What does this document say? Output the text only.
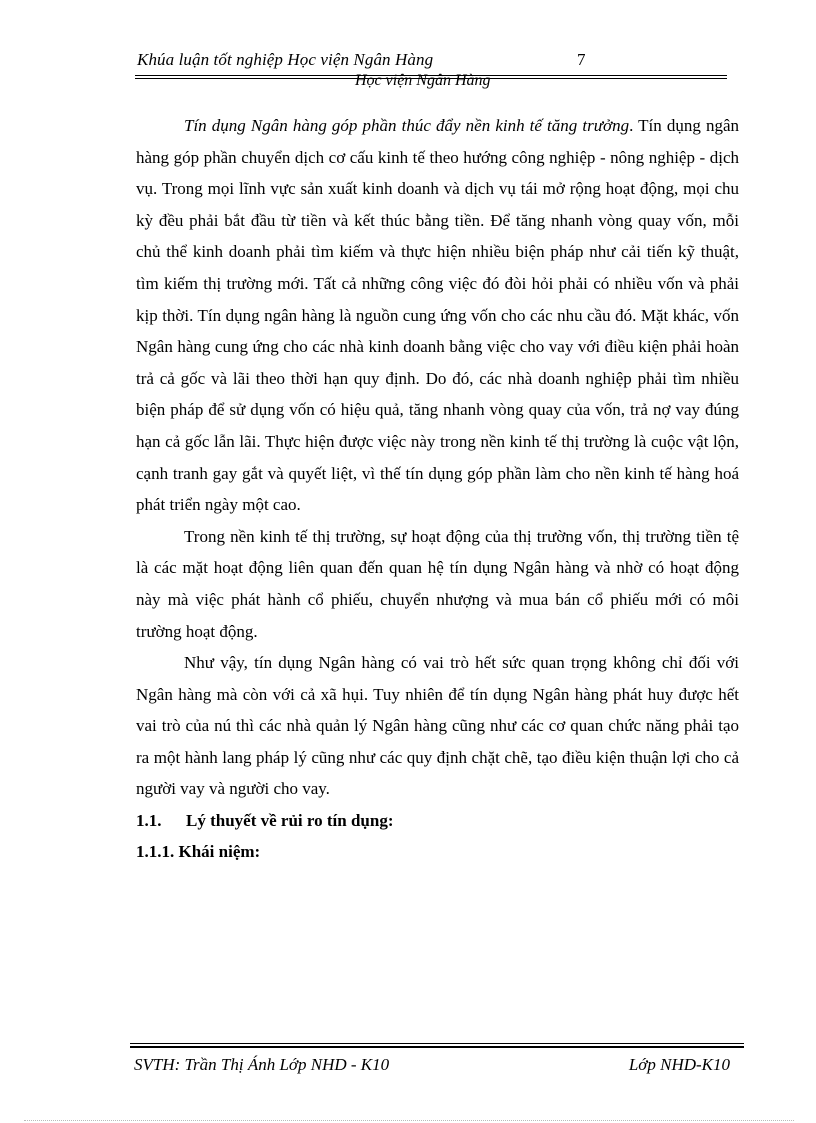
Khúa luận tốt nghiệp Học viện Ngân Hàng	7
Học viện Ngân Hàng

Tín dụng Ngân hàng góp phần thúc đẩy nền kinh tế tăng trưởng. Tín dụng ngân hàng góp phần chuyển dịch cơ cấu kinh tế theo hướng công nghiệp - nông nghiệp - dịch vụ. Trong mọi lĩnh vực sản xuất kinh doanh và dịch vụ tái mở rộng hoạt động, mọi chu kỳ đều phải bắt đầu từ tiền và kết thúc bằng tiền. Để tăng nhanh vòng quay vốn, mỗi chủ thể kinh doanh phải tìm kiếm và thực hiện nhiều biện pháp như cải tiến kỹ thuật, tìm kiếm thị trường mới. Tất cả những công việc đó đòi hỏi phải có nhiều vốn và phải kịp thời. Tín dụng ngân hàng là nguồn cung ứng vốn cho các nhu cầu đó. Mặt khác, vốn Ngân hàng cung ứng cho các nhà kinh doanh bằng việc cho vay với điều kiện phải hoàn trả cả gốc và lãi theo thời hạn quy định. Do đó, các nhà doanh nghiệp phải tìm nhiều biện pháp để sử dụng vốn có hiệu quả, tăng nhanh vòng quay của vốn, trả nợ vay đúng hạn cả gốc lẫn lãi. Thực hiện được việc này trong nền kinh tế thị trường là cuộc vật lộn, cạnh tranh gay gắt và quyết liệt, vì thế tín dụng góp phần làm cho nền kinh tế hàng hoá phát triển ngày một cao.

Trong nền kinh tế thị trường, sự hoạt động của thị trường vốn, thị trường tiền tệ là các mặt hoạt động liên quan đến quan hệ tín dụng Ngân hàng và nhờ có hoạt động này mà việc phát hành cổ phiếu, chuyển nhượng và mua bán cổ phiếu mới có môi trường hoạt động.

Như vậy, tín dụng Ngân hàng có vai trò hết sức quan trọng không chỉ đối với Ngân hàng mà còn với cả xã hụi. Tuy nhiên để tín dụng Ngân hàng phát huy được hết vai trò của nú thì các nhà quản lý Ngân hàng cũng như các cơ quan chức năng phải tạo ra một hành lang pháp lý cũng như các quy định chặt chẽ, tạo điều kiện thuận lợi cho cả người vay và người cho vay.

1.1.	Lý thuyết về rủi ro tín dụng:
1.1.1. Khái niệm:
SVTH: Trần Thị Ánh Lớp NHD - K10	Lớp NHD-K10
